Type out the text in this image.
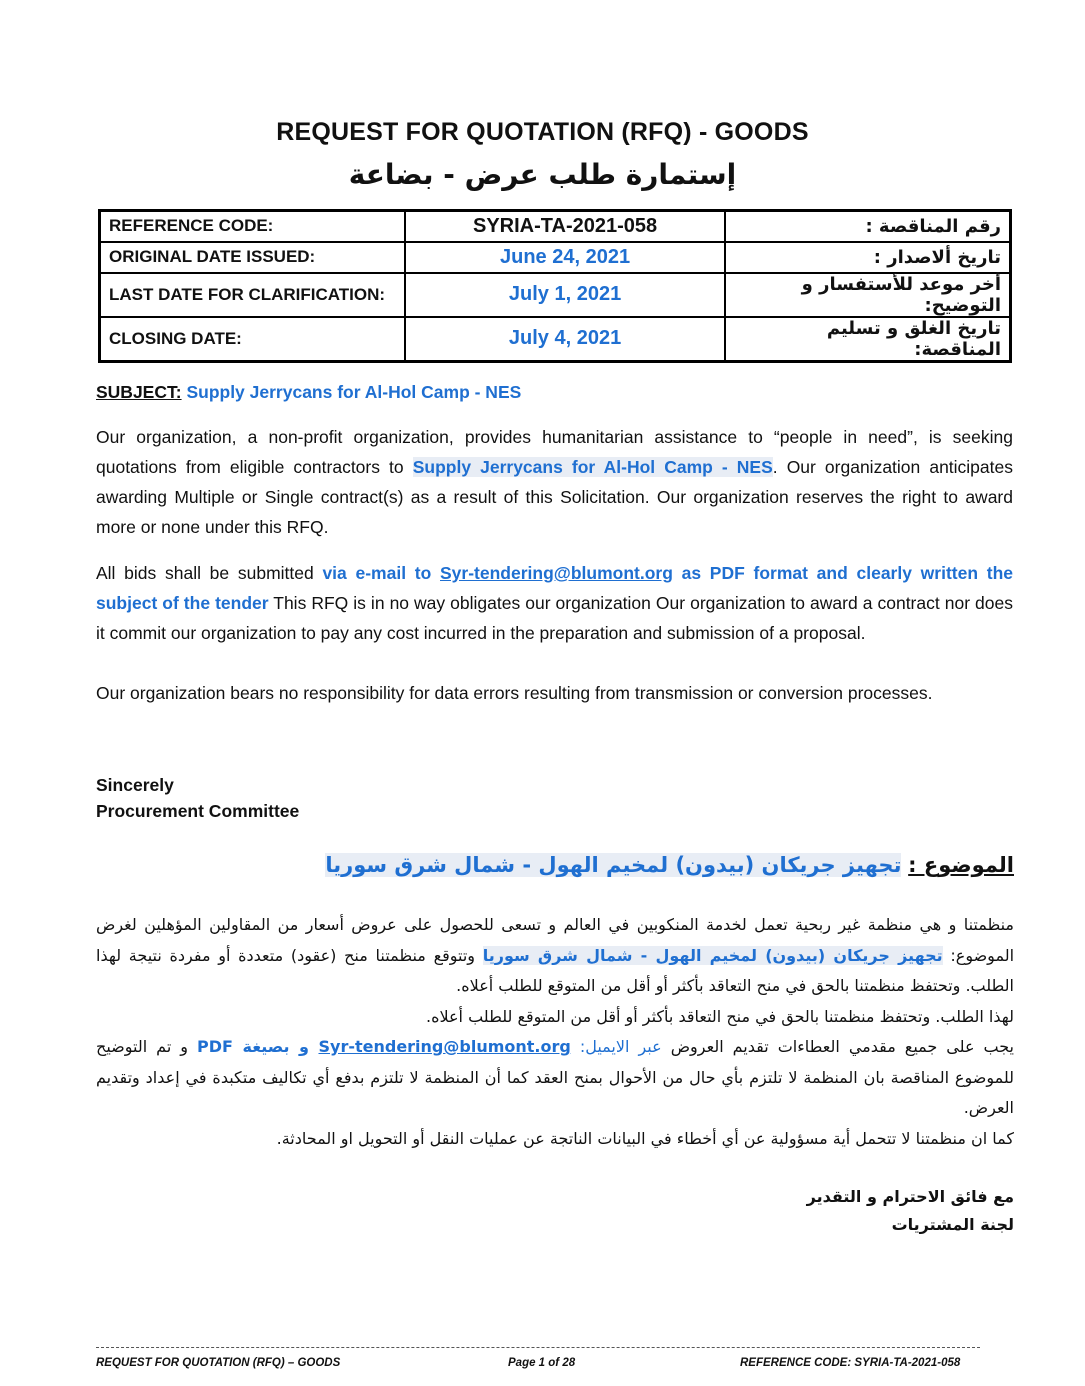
REQUEST FOR QUOTATION (RFQ) - GOODS
إستمارة طلب عرض - بضاعة
REFERENCE CODE:	SYRIA-TA-2021-058	رقم المناقصة :
ORIGINAL DATE ISSUED:	June 24, 2021	تاريخ ألاصدار :
LAST DATE FOR CLARIFICATION:	July 1, 2021	أخر موعد للأستفسار و التوضيح:
CLOSING DATE:	July 4, 2021	تاريخ الغلق و تسليم المناقصة:
SUBJECT: Supply Jerrycans for Al-Hol Camp - NES
Our organization, a non-profit organization, provides humanitarian assistance to “people in need”, is seeking quotations from eligible contractors to Supply Jerrycans for Al-Hol Camp - NES. Our organization anticipates awarding Multiple or Single contract(s) as a result of this Solicitation. Our organization reserves the right to award more or none under this RFQ.
All bids shall be submitted via e-mail to Syr-tendering@blumont.org as PDF format and clearly written the subject of the tender This RFQ is in no way obligates our organization Our organization to award a contract nor does it commit our organization to pay any cost incurred in the preparation and submission of a proposal.
Our organization bears no responsibility for data errors resulting from transmission or conversion processes.
Sincerely
Procurement Committee
الموضوع : تجهيز جريكان (بيدون) لمخيم الهول - شمال شرق سوريا

منظمتنا و هي منظمة غير ربحية تعمل لخدمة المنكوبين في العالم و تسعى للحصول على عروض أسعار من المقاولين المؤهلين لغرض الموضوع: تجهيز جريكان (بيدون) لمخيم الهول - شمال شرق سوريا وتتوقع منظمتنا منح (عقود) متعددة أو مفردة نتيجة لهذا الطلب. وتحتفظ منظمتنا بالحق في منح التعاقد بأكثر أو أقل من المتوقع للطلب أعلاه.

لهذا الطلب. وتحتفظ منظمتنا بالحق في منح التعاقد بأكثر أو أقل من المتوقع للطلب أعلاه.

يجب على جميع مقدمي العطاءات تقديم العروض عبر الايميل: Syr-tendering@blumont.org و بصيغة PDF و تم التوضيح للموضوع المناقصة بان المنظمة لا تلتزم بأي حال من الأحوال بمنح العقد كما أن المنظمة لا تلتزم بدفع أي تكاليف متكبدة في إعداد وتقديم العرض.

كما ان منظمتنا لا تتحمل أية مسؤولية عن أي أخطاء في البيانات الناتجة عن عمليات النقل أو التحويل او المحادثة.

مع فائق الاحترام و التقدير

لجنة المشتريات

REQUEST FOR QUOTATION (RFQ) – GOODS	Page 1 of 28	REFERENCE CODE: SYRIA-TA-2021-058
